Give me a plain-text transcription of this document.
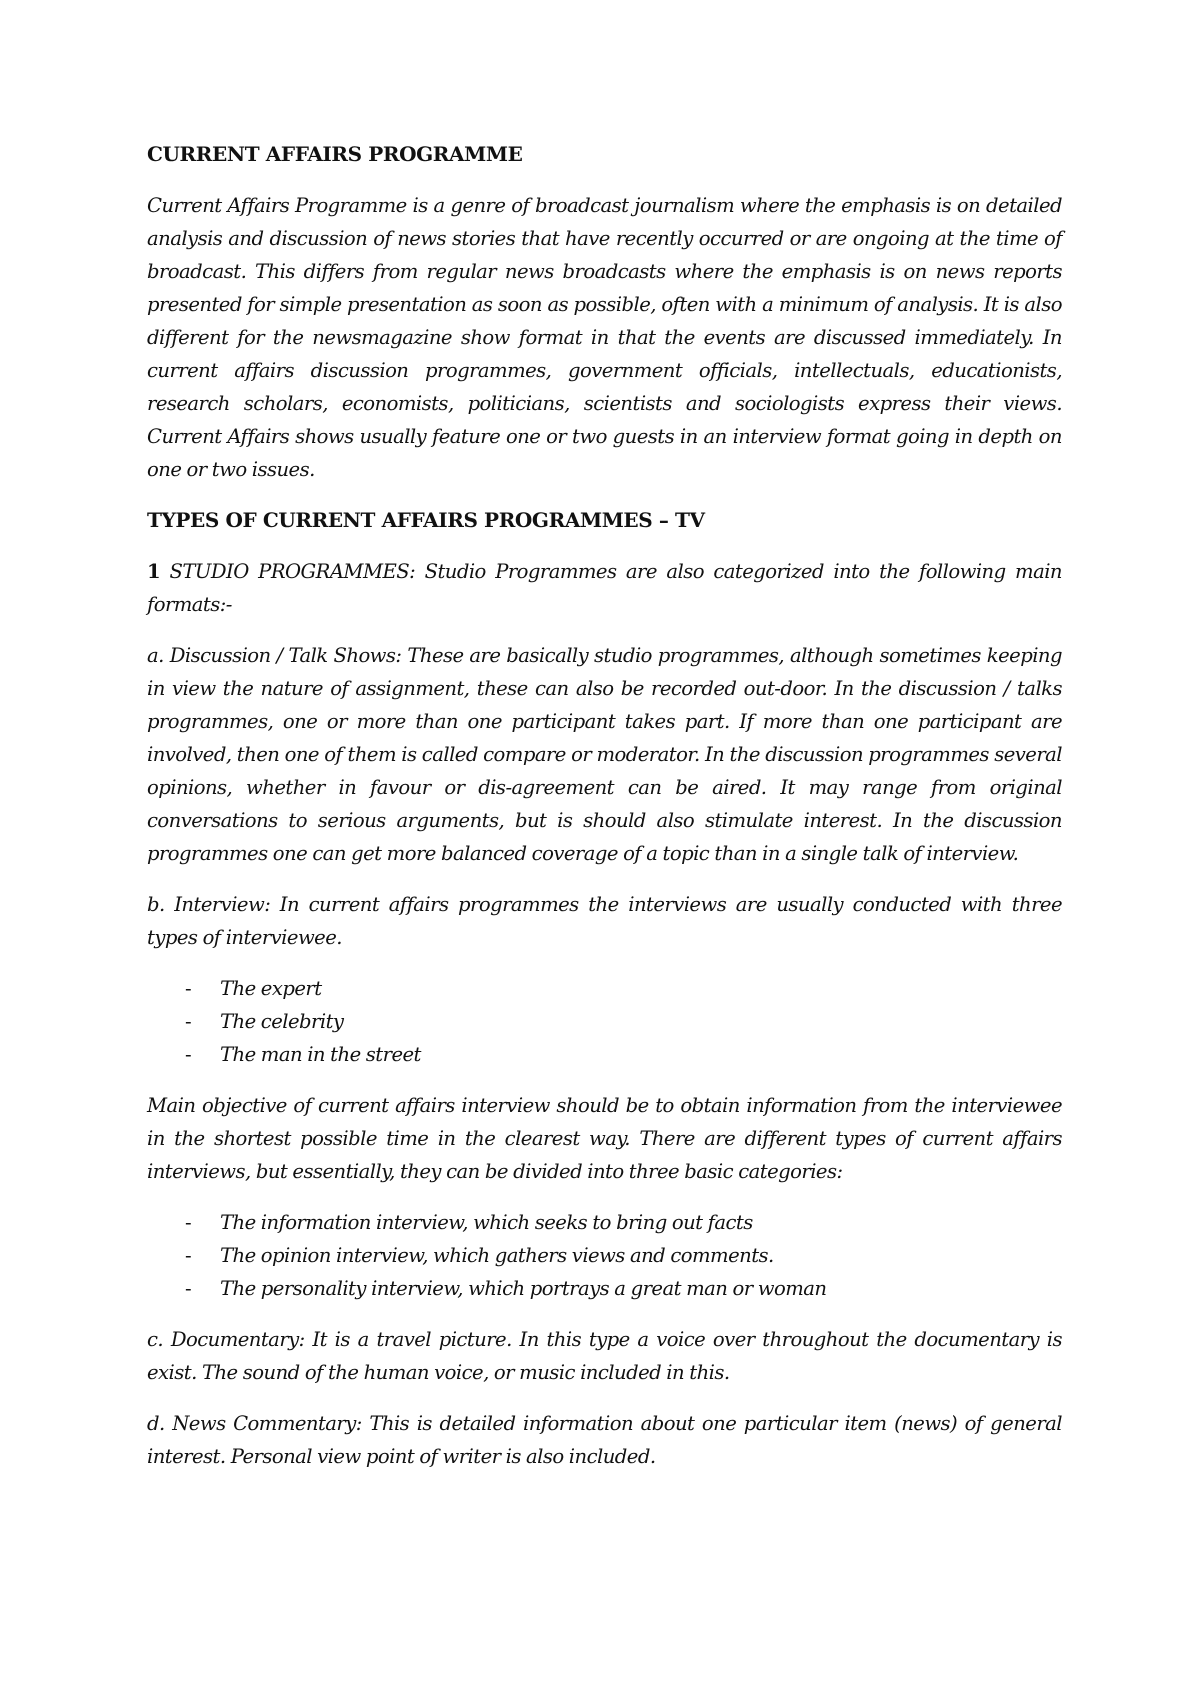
CURRENT AFFAIRS PROGRAMME

Current Affairs Programme is a genre of broadcast journalism where the emphasis is on detailed analysis and discussion of news stories that have recently occurred or are ongoing at the time of broadcast. This differs from regular news broadcasts where the emphasis is on news reports presented for simple presentation as soon as possible, often with a minimum of analysis. It is also different for the newsmagazine show format in that the events are discussed immediately. In current affairs discussion programmes, government officials, intellectuals, educationists, research scholars, economists, politicians, scientists and sociologists express their views. Current Affairs shows usually feature one or two guests in an interview format going in depth on one or two issues.

TYPES OF CURRENT AFFAIRS PROGRAMMES – TV

1 STUDIO PROGRAMMES: Studio Programmes are also categorized into the following main formats:-

a. Discussion / Talk Shows: These are basically studio programmes, although sometimes keeping in view the nature of assignment, these can also be recorded out-door. In the discussion / talks programmes, one or more than one participant takes part. If more than one participant are involved, then one of them is called compare or moderator. In the discussion programmes several opinions, whether in favour or dis-agreement can be aired. It may range from original conversations to serious arguments, but is should also stimulate interest. In the discussion programmes one can get more balanced coverage of a topic than in a single talk of interview.

b. Interview: In current affairs programmes the interviews are usually conducted with three types of interviewee.

- The expert
- The celebrity
- The man in the street

Main objective of current affairs interview should be to obtain information from the interviewee in the shortest possible time in the clearest way. There are different types of current affairs interviews, but essentially, they can be divided into three basic categories:

- The information interview, which seeks to bring out facts
- The opinion interview, which gathers views and comments.
- The personality interview, which portrays a great man or woman

c. Documentary: It is a travel picture. In this type a voice over throughout the documentary is exist. The sound of the human voice, or music included in this.

d. News Commentary: This is detailed information about one particular item (news) of general interest. Personal view point of writer is also included.
